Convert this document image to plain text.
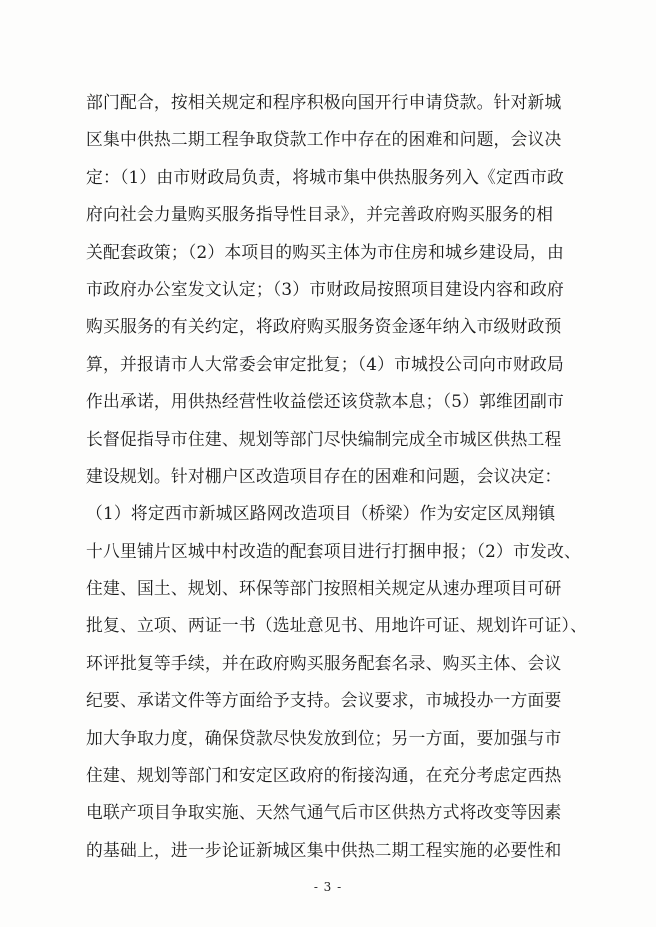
部门配合，按相关规定和程序积极向国开行申请贷款。针对新城
区集中供热二期工程争取贷款工作中存在的困难和问题，会议决
定：（1）由市财政局负责，将城市集中供热服务列入《定西市政
府向社会力量购买服务指导性目录》，并完善政府购买服务的相
关配套政策；（2）本项目的购买主体为市住房和城乡建设局，由
市政府办公室发文认定；（3）市财政局按照项目建设内容和政府
购买服务的有关约定，将政府购买服务资金逐年纳入市级财政预
算，并报请市人大常委会审定批复；（4）市城投公司向市财政局
作出承诺，用供热经营性收益偿还该贷款本息；（5）郭维团副市
长督促指导市住建、规划等部门尽快编制完成全市城区供热工程
建设规划。针对棚户区改造项目存在的困难和问题，会议决定：
（1）将定西市新城区路网改造项目（桥梁）作为安定区凤翔镇
十八里铺片区城中村改造的配套项目进行打捆申报；（2）市发改、
住建、国土、规划、环保等部门按照相关规定从速办理项目可研
批复、立项、两证一书（选址意见书、用地许可证、规划许可证）、
环评批复等手续，并在政府购买服务配套名录、购买主体、会议
纪要、承诺文件等方面给予支持。会议要求，市城投办一方面要
加大争取力度，确保贷款尽快发放到位；另一方面，要加强与市
住建、规划等部门和安定区政府的衔接沟通，在充分考虑定西热
电联产项目争取实施、天然气通气后市区供热方式将改变等因素
的基础上，进一步论证新城区集中供热二期工程实施的必要性和
- 3 -
